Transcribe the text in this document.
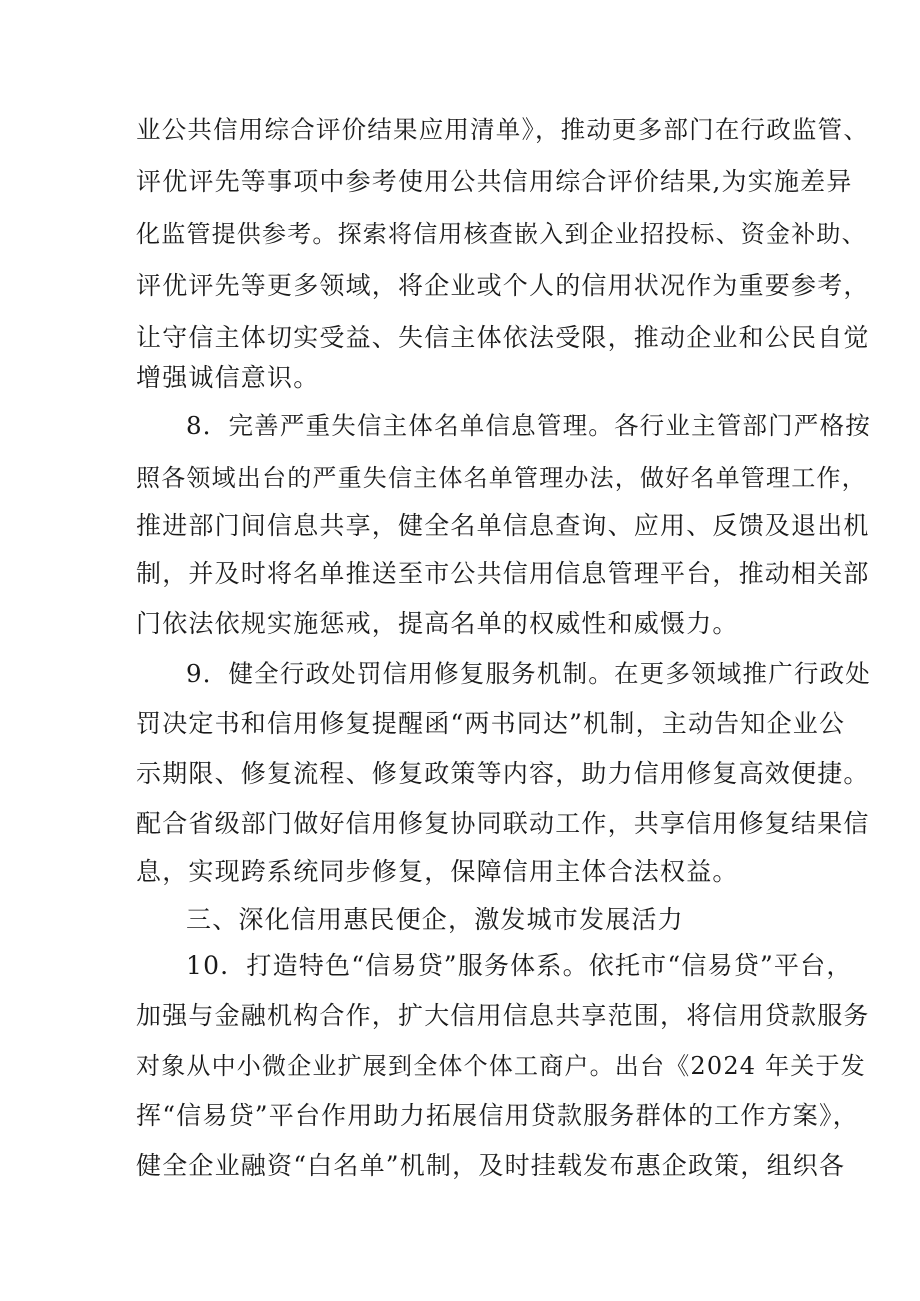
业公共信用综合评价结果应用清单》，推动更多部门在行政监管、
评优评先等事项中参考使用公共信用综合评价结果,为实施差异
化监管提供参考。探索将信用核查嵌入到企业招投标、资金补助、
评优评先等更多领域，将企业或个人的信用状况作为重要参考，
让守信主体切实受益、失信主体依法受限，推动企业和公民自觉
增强诚信意识。
8．完善严重失信主体名单信息管理。各行业主管部门严格按
照各领域出台的严重失信主体名单管理办法，做好名单管理工作，
推进部门间信息共享，健全名单信息查询、应用、反馈及退出机
制，并及时将名单推送至市公共信用信息管理平台，推动相关部
门依法依规实施惩戒，提高名单的权威性和威慑力。
9．健全行政处罚信用修复服务机制。在更多领域推广行政处
罚决定书和信用修复提醒函“两书同达”机制，主动告知企业公
示期限、修复流程、修复政策等内容，助力信用修复高效便捷。
配合省级部门做好信用修复协同联动工作，共享信用修复结果信
息，实现跨系统同步修复，保障信用主体合法权益。
三、深化信用惠民便企，激发城市发展活力
10．打造特色“信易贷”服务体系。依托市“信易贷”平台，
加强与金融机构合作，扩大信用信息共享范围，将信用贷款服务
对象从中小微企业扩展到全体个体工商户。出台《2024 年关于发
挥“信易贷”平台作用助力拓展信用贷款服务群体的工作方案》，
健全企业融资“白名单”机制，及时挂载发布惠企政策，组织各
